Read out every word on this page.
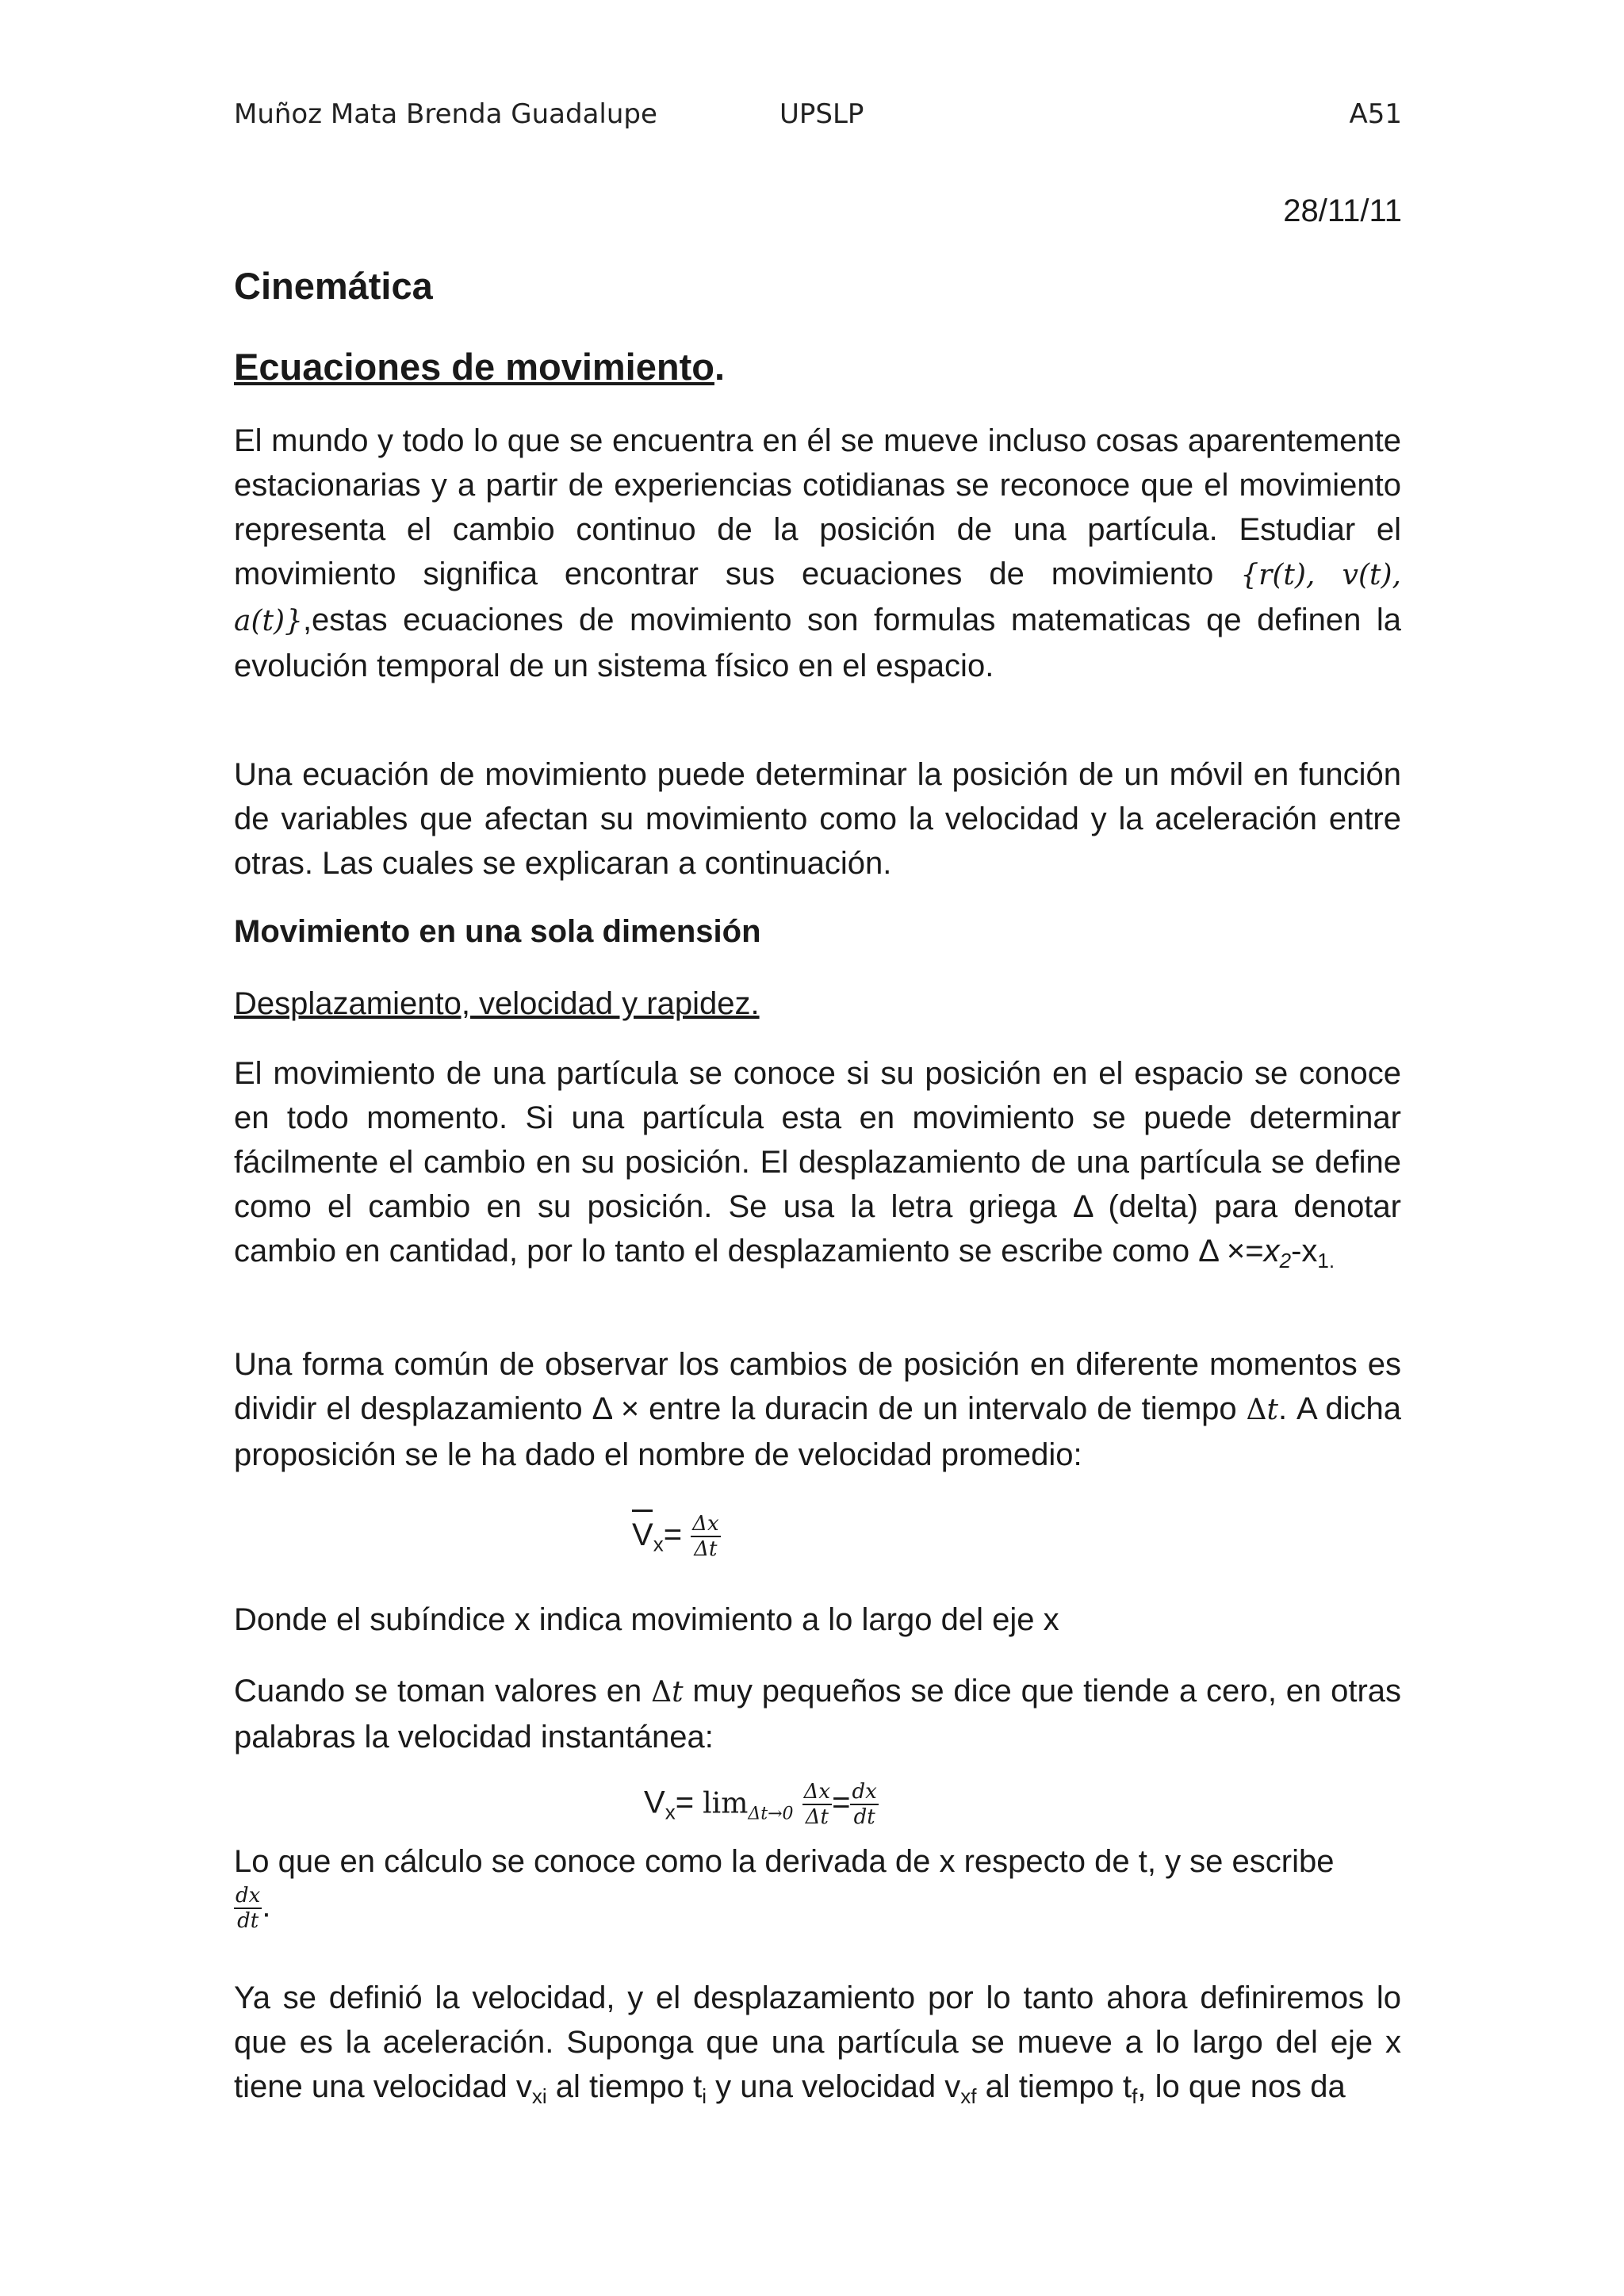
Muñoz Mata Brenda Guadalupe	UPSLP	A51
28/11/11
Cinemática
Ecuaciones de movimiento.

El mundo y todo lo que se encuentra en él se mueve incluso cosas aparentemente estacionarias y a partir de experiencias cotidianas se reconoce que el movimiento representa el cambio continuo de la posición de una partícula. Estudiar el movimiento significa encontrar sus ecuaciones de movimiento {r(t), v(t), a(t)},estas ecuaciones de movimiento son formulas matematicas qe definen la evolución temporal de un sistema físico en el espacio.

Una ecuación de movimiento puede determinar la posición de un móvil en función de variables que afectan su movimiento como la velocidad y la aceleración entre otras. Las cuales se explicaran a continuación.

Movimiento en una sola dimensión
Desplazamiento, velocidad y rapidez.

El movimiento de una partícula se conoce si su posición en el espacio se conoce en todo momento. Si una partícula esta en movimiento se puede determinar fácilmente el cambio en su posición. El desplazamiento de una partícula se define como el cambio en su posición. Se usa la letra griega Δ (delta) para denotar cambio en cantidad, por lo tanto el desplazamiento se escribe como $\Delta \times=x_2-x_{1.}$

Una forma común de observar los cambios de posición en diferente momentos es dividir el desplazamiento Δ × entre la duracin de un intervalo de tiempo Δ𝑡. A dicha proposición se le ha dado el nombre de velocidad promedio:

$V_x= \frac{\Delta x}{\Delta t}$

Donde el subíndice x indica movimiento a lo largo del eje x

Cuando se toman valores en Δ𝑡 muy pequeños se dice que tiende a cero, en otras palabras la velocidad instantánea:

$V_x= \lim_{\Delta t\to 0} \frac{\Delta x}{\Delta t} = \frac{dx}{dt}$

Lo que en cálculo se conoce como la derivada de x respecto de t, y se escribe

$\frac{dx}{dt}$ .

Ya se definió la velocidad, y el desplazamiento por lo tanto ahora definiremos lo que es la aceleración. Suponga que una partícula se mueve a lo largo del eje x tiene una velocidad $v_{xi}$ al tiempo $t_i$ y una velocidad $v_{xf}$ al tiempo $t_f$, lo que nos da
